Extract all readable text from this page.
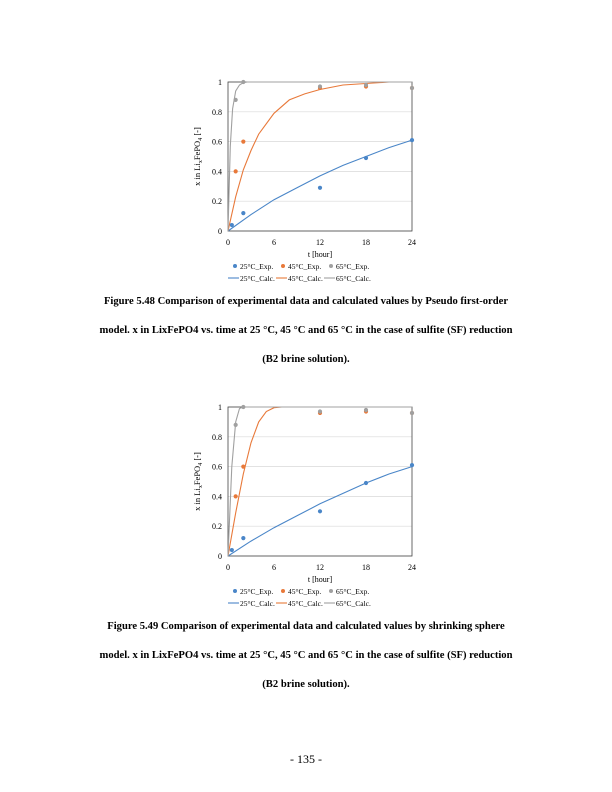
0
0.2
0.4
0.6
0.8
1
0	6	12	18	24
t [hour]
x in $Li_xFePO_4$ [-]
25°C_Exp. 45°C_Exp. 65°C_Exp.
25°C_Calc. 45°C_Calc. 65°C_Calc.
Figure 5.48 Comparison of experimental data and calculated values by Pseudo first-order
model. x in LixFePO4 vs. time at 25 °C, 45 °C and 65 °C in the case of sulfite (SF) reduction
(B2 brine solution).
0
0.2
0.4
0.6
0.8
1
0	6	12	18	24
t [hour]
x in $Li_xFePO_4$ [-]
25°C_Exp. 45°C_Exp. 65°C_Exp.
25°C_Calc. 45°C_Calc. 65°C_Calc.
Figure 5.49 Comparison of experimental data and calculated values by shrinking sphere
model. x in LixFePO4 vs. time at 25 °C, 45 °C and 65 °C in the case of sulfite (SF) reduction
(B2 brine solution).
- 135 -
